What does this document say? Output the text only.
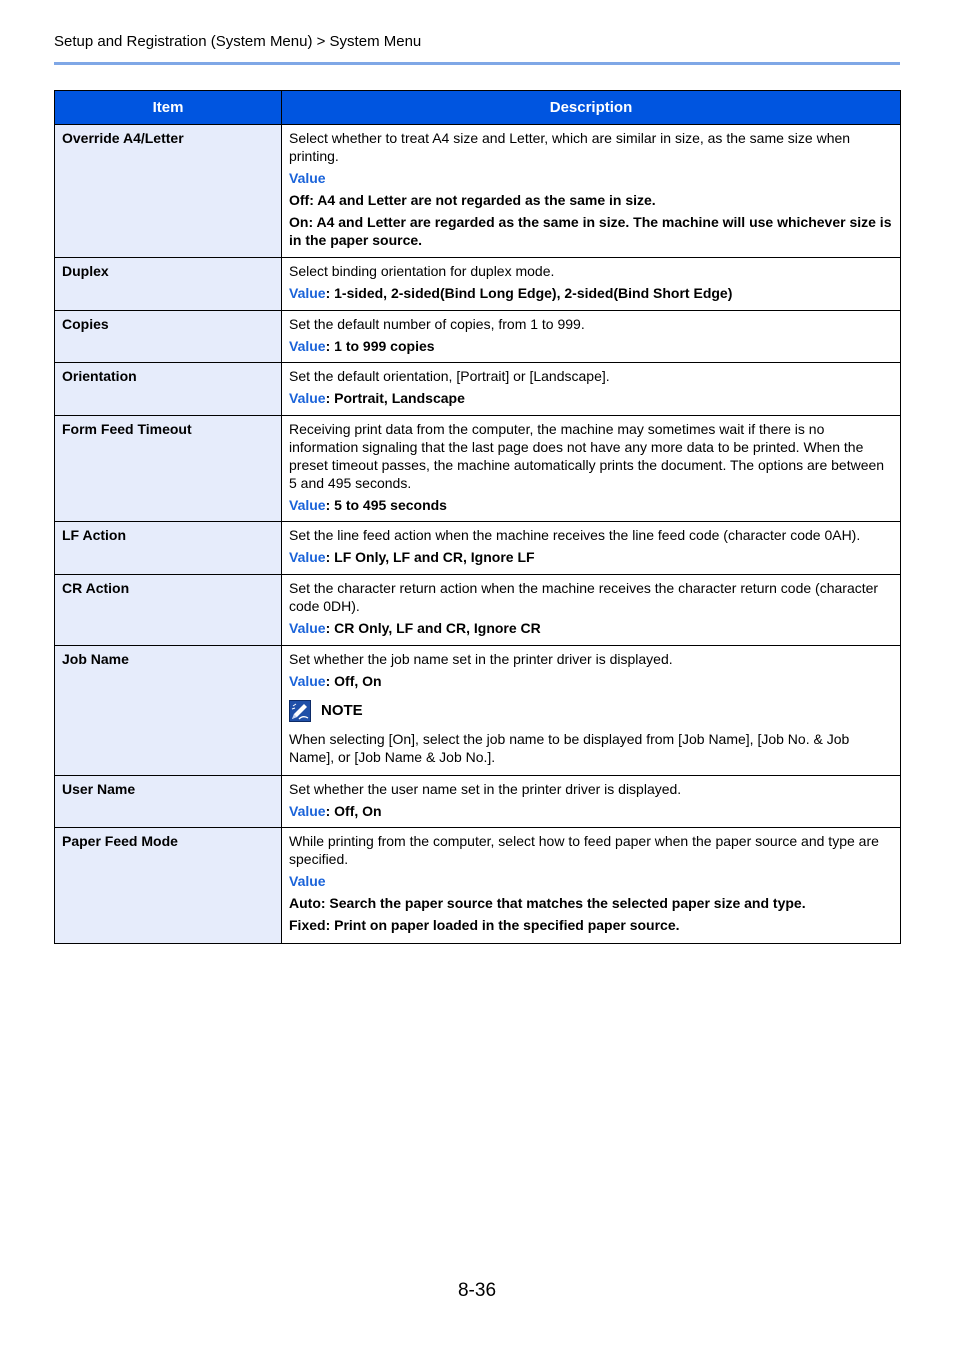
Setup and Registration (System Menu) > System Menu
Item	Description
Override A4/Letter	Select whether to treat A4 size and Letter, which are similar in size, as the same size when printing.

Value

Off: A4 and Letter are not regarded as the same in size.

On: A4 and Letter are regarded as the same in size. The machine will use whichever size is in the paper source.

Duplex	Select binding orientation for duplex mode.

Value: 1-sided, 2-sided(Bind Long Edge), 2-sided(Bind Short Edge)

Copies	Set the default number of copies, from 1 to 999.

Value: 1 to 999 copies

Orientation	Set the default orientation, [Portrait] or [Landscape].

Value: Portrait, Landscape

Form Feed Timeout	Receiving print data from the computer, the machine may sometimes wait if there is no information signaling that the last page does not have any more data to be printed. When the preset timeout passes, the machine automatically prints the document. The options are between 5 and 495 seconds.

Value: 5 to 495 seconds

LF Action	Set the line feed action when the machine receives the line feed code (character code 0AH).

Value: LF Only, LF and CR, Ignore LF

CR Action	Set the character return action when the machine receives the character return code (character code 0DH).

Value: CR Only, LF and CR, Ignore CR

Job Name	Set whether the job name set in the printer driver is displayed.

Value: Off, On

NOTE

When selecting [On], select the job name to be displayed from [Job Name], [Job No. & Job Name], or [Job Name & Job No.].

User Name	Set whether the user name set in the printer driver is displayed.

Value: Off, On

Paper Feed Mode	While printing from the computer, select how to feed paper when the paper source and type are specified.

Value

Auto: Search the paper source that matches the selected paper size and type.

Fixed: Print on paper loaded in the specified paper source.

8-36
